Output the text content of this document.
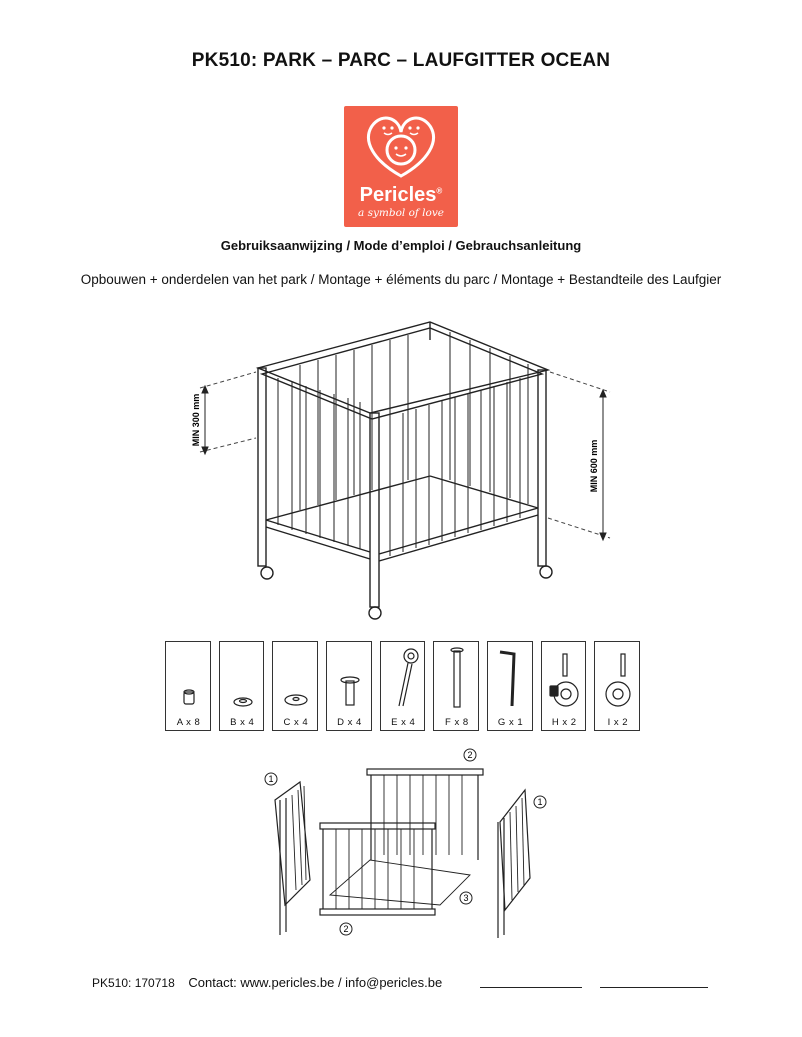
PK510: PARK – PARC – LAUFGITTER OCEAN
Pericles®
a symbol of love
Gebruiksaanwijzing / Mode d’emploi / Gebrauchsanleitung
Opbouwen + onderdelen van het park / Montage + éléments du parc / Montage + Bestandteile des Laufgier
MIN 300 mm
MIN 600 mm
1
2
1
3
2
A x 8	B x 4	C x 4	D x 4	E x 4	F x 8	G x 1	H x 2	I x 2
PK510: 170718 Contact: www.pericles.be / info@pericles.be
